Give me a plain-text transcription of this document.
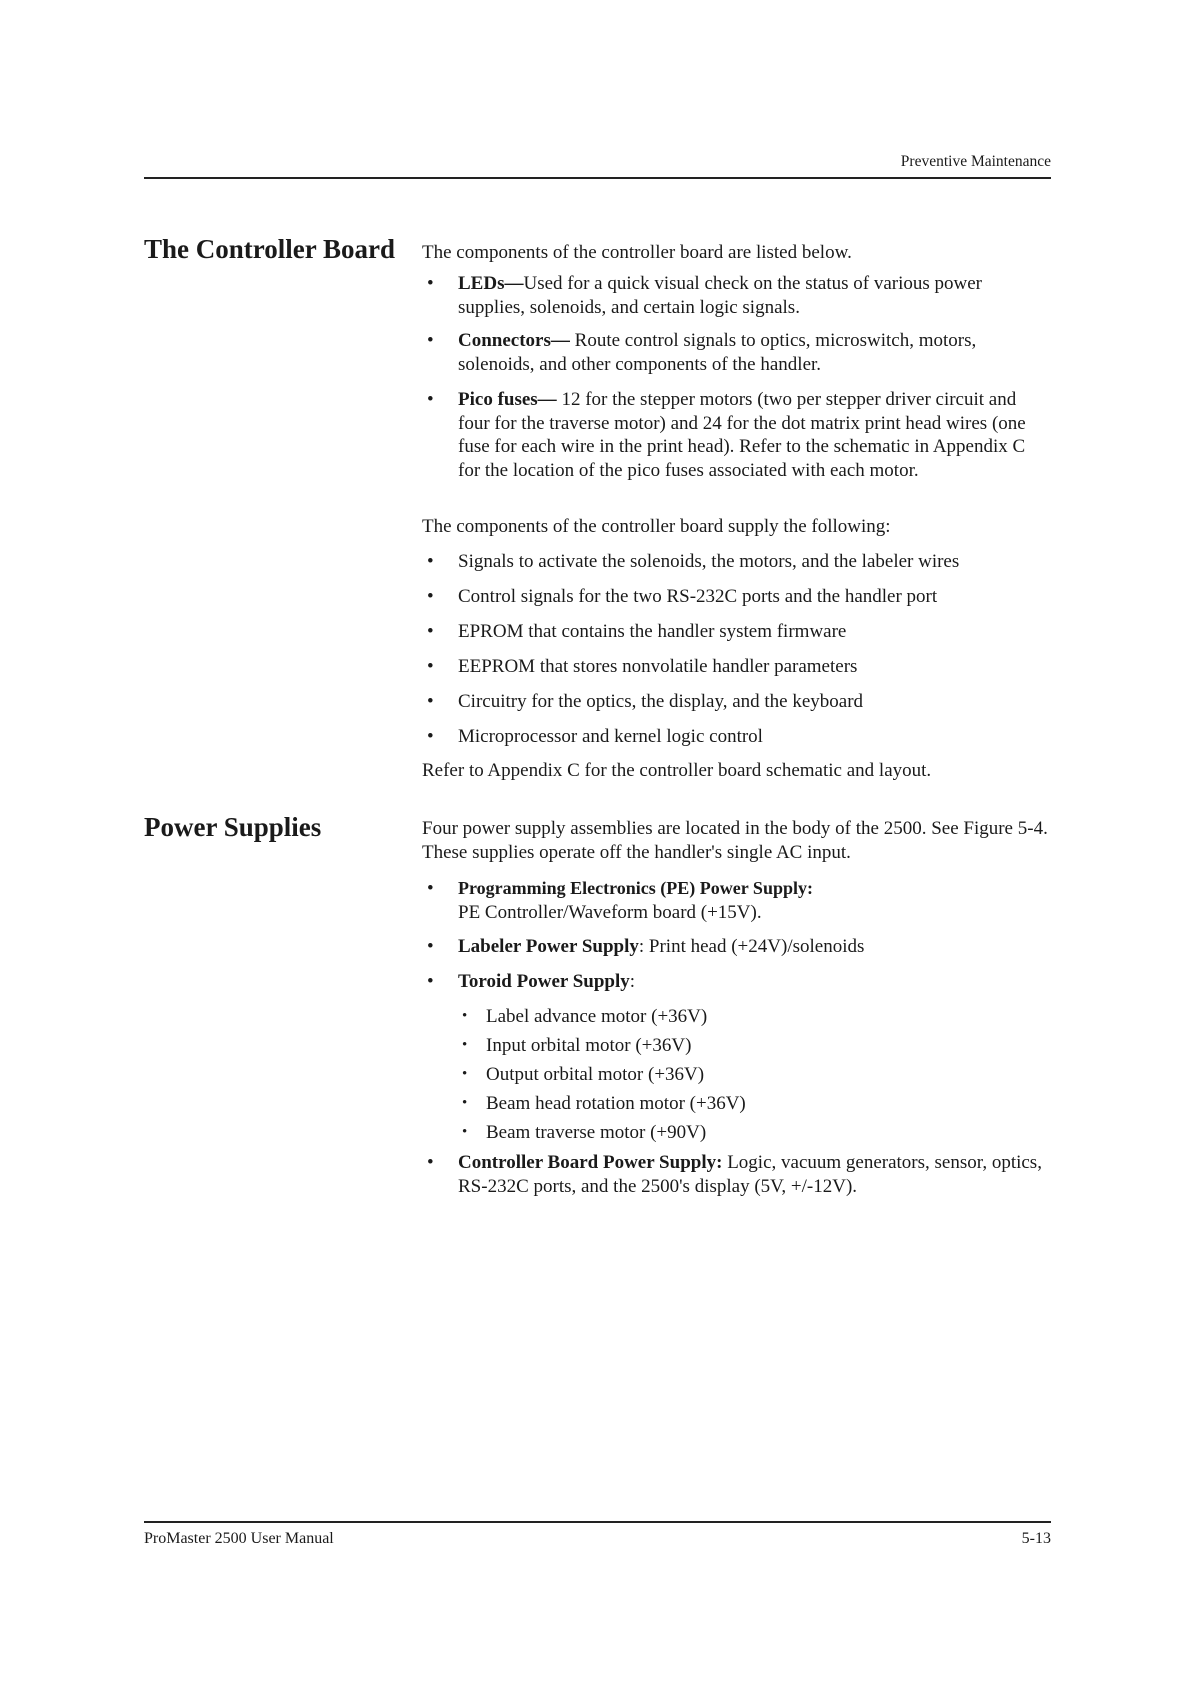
Preventive Maintenance
The Controller Board The components of the controller board are listed below.
• LEDs—Used for a quick visual check on the status of various power supplies, solenoids, and certain logic signals.
• Connectors— Route control signals to optics, microswitch, motors, solenoids, and other components of the handler.
• Pico fuses— 12 for the stepper motors (two per stepper driver circuit and four for the traverse motor) and 24 for the dot matrix print head wires (one fuse for each wire in the print head). Refer to the schematic in Appendix C for the location of the pico fuses associated with each motor.
The components of the controller board supply the following:
• Signals to activate the solenoids, the motors, and the labeler wires
• Control signals for the two RS-232C ports and the handler port
• EPROM that contains the handler system firmware
• EEPROM that stores nonvolatile handler parameters
• Circuitry for the optics, the display, and the keyboard
• Microprocessor and kernel logic control
Refer to Appendix C for the controller board schematic and layout.
Power Supplies	Four power supply assemblies are located in the body of the 2500. See Figure 5-4. These supplies operate off the handler's single AC input.
• Programming Electronics (PE) Power Supply:
PE Controller/Waveform board (+15V).
• Labeler Power Supply: Print head (+24V)/solenoids
• Toroid Power Supply:
• Label advance motor (+36V)
• Input orbital motor (+36V)
• Output orbital motor (+36V)
• Beam head rotation motor (+36V)
• Beam traverse motor (+90V)
• Controller Board Power Supply: Logic, vacuum generators, sensor, optics, RS-232C ports, and the 2500's display (5V, +/-12V).
ProMaster 2500 User Manual	5-13
